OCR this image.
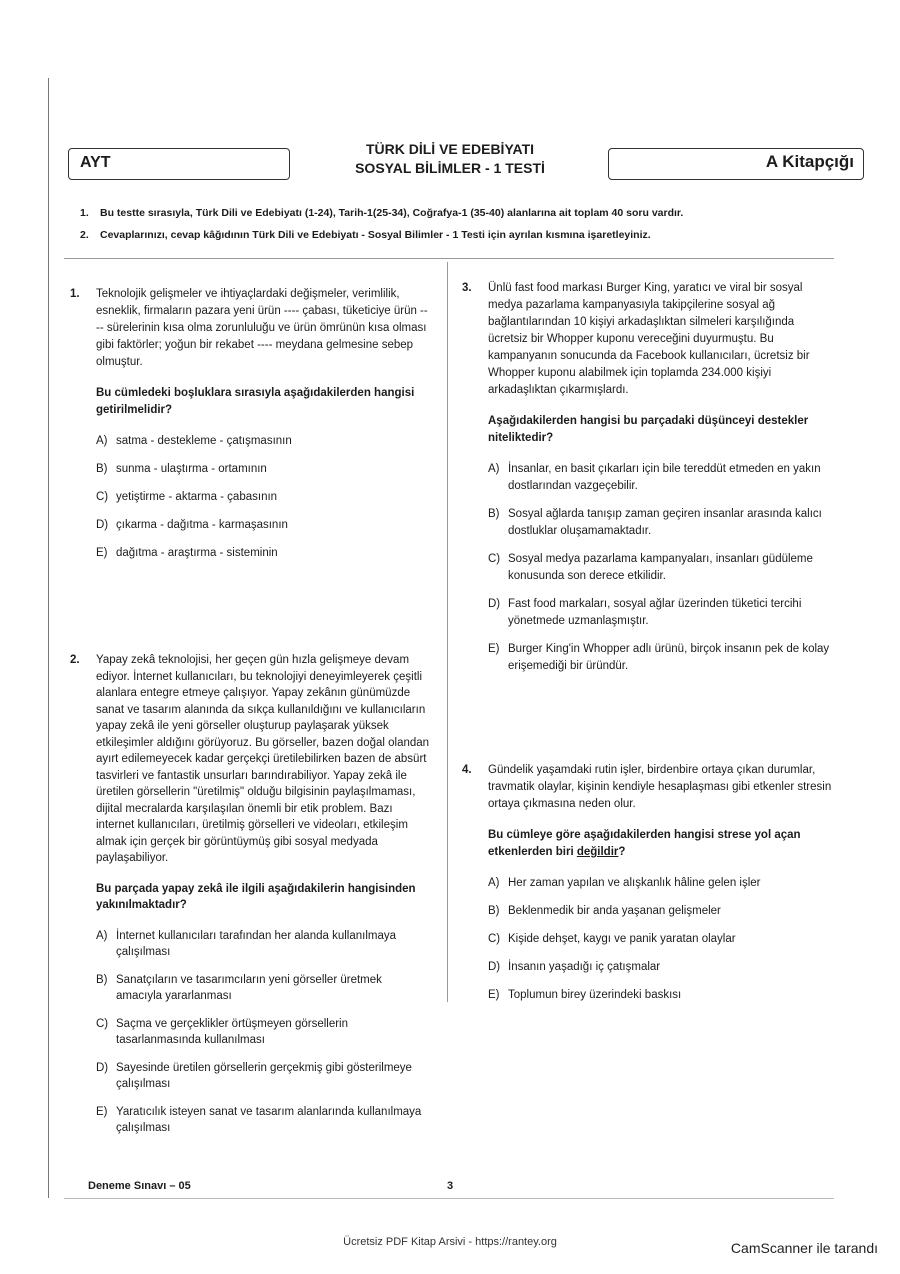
AYT
TÜRK DİLİ VE EDEBİYATI
SOSYAL BİLİMLER - 1 TESTİ	A Kitapçığı
1. Bu testte sırasıyla, Türk Dili ve Edebiyatı (1-24), Tarih-1(25-34), Coğrafya-1 (35-40) alanlarına ait toplam 40 soru vardır.
2. Cevaplarınızı, cevap kâğıdının Türk Dili ve Edebiyatı - Sosyal Bilimler - 1 Testi için ayrılan kısmına işaretleyiniz.
1. Teknolojik gelişmeler ve ihtiyaçlardaki değişmeler, verimlilik, esneklik, firmaların pazara yeni ürün ---- çabası, tüketiciye ürün ---- sürelerinin kısa olma zorunluluğu ve ürün ömrünün kısa olması gibi faktörler; yoğun bir rekabet ---- meydana gelmesine sebep olmuştur.
Bu cümledeki boşluklara sırasıyla aşağıdakilerden hangisi getirilmelidir?
A) satma - destekleme - çatışmasının
B) sunma - ulaştırma - ortamının
C) yetiştirme - aktarma - çabasının
D) çıkarma - dağıtma - karmaşasının
E) dağıtma - araştırma - sisteminin
2. Yapay zekâ teknolojisi, her geçen gün hızla gelişmeye devam ediyor. İnternet kullanıcıları, bu teknolojiyi deneyimleyerek çeşitli alanlara entegre etmeye çalışıyor. Yapay zekânın günümüzde sanat ve tasarım alanında da sıkça kullanıldığını ve kullanıcıların yapay zekâ ile yeni görseller oluşturup paylaşarak yüksek etkileşimler aldığını görüyoruz. Bu görseller, bazen doğal olandan ayırt edilemeyecek kadar gerçekçi üretilebilirken bazen de absürt tasvirleri ve fantastik unsurları barındırabiliyor. Yapay zekâ ile üretilen görsellerin "üretilmiş" olduğu bilgisinin paylaşılmaması, dijital mecralarda karşılaşılan önemli bir etik problem. Bazı internet kullanıcıları, üretilmiş görselleri ve videoları, etkileşim almak için gerçek bir görüntüymüş gibi sosyal medyada paylaşabiliyor.
Bu parçada yapay zekâ ile ilgili aşağıdakilerin hangisinden yakınılmaktadır?
A) İnternet kullanıcıları tarafından her alanda kullanılmaya çalışılması
B) Sanatçıların ve tasarımcıların yeni görseller üretmek amacıyla yararlanması
C) Saçma ve gerçeklikler örtüşmeyen görsellerin tasarlanmasında kullanılması
D) Sayesinde üretilen görsellerin gerçekmiş gibi gösterilmeye çalışılması
E) Yaratıcılık isteyen sanat ve tasarım alanlarında kullanılmaya çalışılması
3. Ünlü fast food markası Burger King, yaratıcı ve viral bir sosyal medya pazarlama kampanyasıyla takipçilerine sosyal ağ bağlantılarından 10 kişiyi arkadaşlıktan silmeleri karşılığında ücretsiz bir Whopper kuponu vereceğini duyurmuştu. Bu kampanyanın sonucunda da Facebook kullanıcıları, ücretsiz bir Whopper kuponu alabilmek için toplamda 234.000 kişiyi arkadaşlıktan çıkarmışlardı.
Aşağıdakilerden hangisi bu parçadaki düşünceyi destekler niteliktedir?
A) İnsanlar, en basit çıkarları için bile tereddüt etmeden en yakın dostlarından vazgeçebilir.
B) Sosyal ağlarda tanışıp zaman geçiren insanlar arasında kalıcı dostluklar oluşamamaktadır.
C) Sosyal medya pazarlama kampanyaları, insanları güdüleme konusunda son derece etkilidir.
D) Fast food markaları, sosyal ağlar üzerinden tüketici tercihi yönetmede uzmanlaşmıştır.
E) Burger King'in Whopper adlı ürünü, birçok insanın pek de kolay erişemediği bir üründür.
4. Gündelik yaşamdaki rutin işler, birdenbire ortaya çıkan durumlar, travmatik olaylar, kişinin kendiyle hesaplaşması gibi etkenler stresin ortaya çıkmasına neden olur.
Bu cümleye göre aşağıdakilerden hangisi strese yol açan etkenlerden biri değildir?
A) Her zaman yapılan ve alışkanlık hâline gelen işler
B) Beklenmedik bir anda yaşanan gelişmeler
C) Kişide dehşet, kaygı ve panik yaratan olaylar
D) İnsanın yaşadığı iç çatışmalar
E) Toplumun birey üzerindeki baskısı
Deneme Sınavı – 05	3
Ücretsiz PDF Kitap Arsivi - https://rantey.org	CamScanner ile tarandı
